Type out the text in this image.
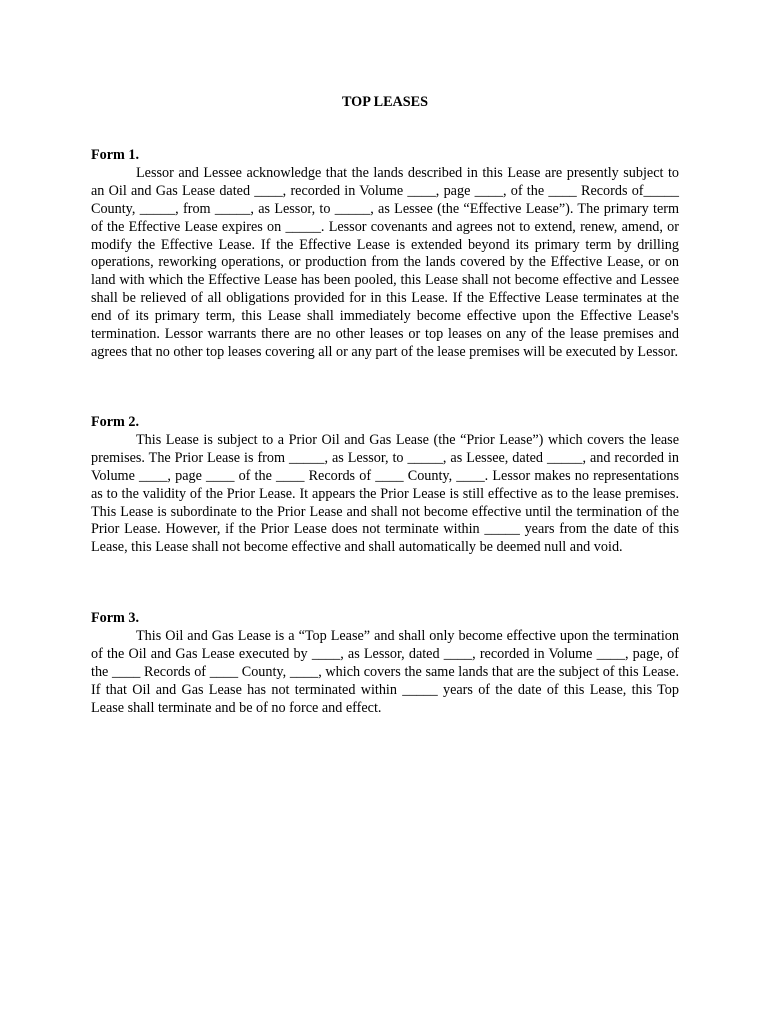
TOP LEASES

Form 1.

Lessor and Lessee acknowledge that the lands described in this Lease are presently subject to an Oil and Gas Lease dated ____, recorded in Volume ____, page ____, of the ____ Records of_____ County, _____, from _____, as Lessor, to _____, as Lessee (the “Effective Lease”). The primary term of the Effective Lease expires on _____. Lessor covenants and agrees not to extend, renew, amend, or modify the Effective Lease. If the Effective Lease is extended beyond its primary term by drilling operations, reworking operations, or production from the lands covered by the Effective Lease, or on land with which the Effective Lease has been pooled, this Lease shall not become effective and Lessee shall be relieved of all obligations provided for in this Lease. If the Effective Lease terminates at the end of its primary term, this Lease shall immediately become effective upon the Effective Lease's termination. Lessor warrants there are no other leases or top leases on any of the lease premises and agrees that no other top leases covering all or any part of the lease premises will be executed by Lessor.

Form 2.

This Lease is subject to a Prior Oil and Gas Lease (the “Prior Lease”) which covers the lease premises. The Prior Lease is from _____, as Lessor, to _____, as Lessee, dated _____, and recorded in Volume ____, page ____ of the ____ Records of ____ County, ____. Lessor makes no representations as to the validity of the Prior Lease. It appears the Prior Lease is still effective as to the lease premises. This Lease is subordinate to the Prior Lease and shall not become effective until the termination of the Prior Lease. However, if the Prior Lease does not terminate within _____ years from the date of this Lease, this Lease shall not become effective and shall automatically be deemed null and void.

Form 3.

This Oil and Gas Lease is a “Top Lease” and shall only become effective upon the termination of the Oil and Gas Lease executed by ____, as Lessor, dated ____, recorded in Volume ____, page, of the ____ Records of ____ County, ____, which covers the same lands that are the subject of this Lease. If that Oil and Gas Lease has not terminated within _____ years of the date of this Lease, this Top Lease shall terminate and be of no force and effect.
